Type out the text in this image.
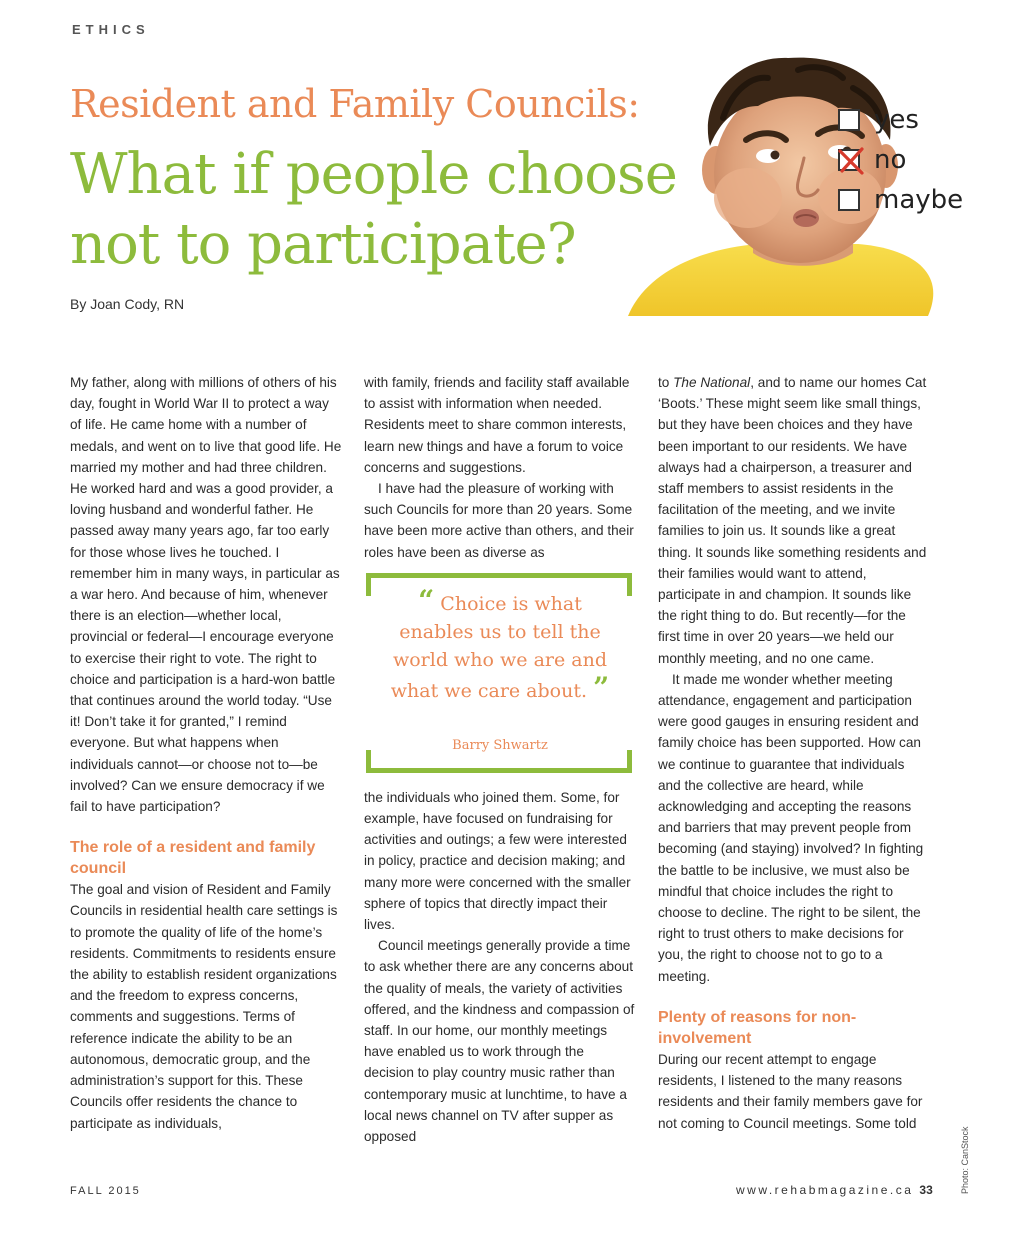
ETHICS
Resident and Family Councils:
What if people choose not to participate?
By Joan Cody, RN
yes
no
maybe

My father, along with millions of others of his day, fought in World War II to protect a way of life. He came home with a number of medals, and went on to live that good life. He married my mother and had three children. He worked hard and was a good provider, a loving husband and wonderful father. He passed away many years ago, far too early for those whose lives he touched. I remember him in many ways, in particular as a war hero. And because of him, whenever there is an election—whether local, provincial or federal—I encourage everyone to exercise their right to vote. The right to choice and participation is a hard-won battle that continues around the world today. “Use it! Don’t take it for granted,” I remind everyone. But what happens when individuals cannot—or choose not to—be involved? Can we ensure democracy if we fail to have participation?

The role of a resident and family council

The goal and vision of Resident and Family Councils in residential health care settings is to promote the quality of life of the home’s residents. Commitments to residents ensure the ability to establish resident organizations and the freedom to express concerns, comments and suggestions. Terms of reference indicate the ability to be an autonomous, democratic group, and the administration’s support for this. These Councils offer residents the chance to participate as individuals,

with family, friends and facility staff available to assist with information when needed. Residents meet to share common interests, learn new things and have a forum to voice concerns and suggestions.

I have had the pleasure of working with such Councils for more than 20 years. Some have been more active than others, and their roles have been as diverse as

“ Choice is what enables us to tell the world who we are and what we care about. ”
Barry Shwartz

the individuals who joined them. Some, for example, have focused on fundraising for activities and outings; a few were interested in policy, practice and decision making; and many more were concerned with the smaller sphere of topics that directly impact their lives.

Council meetings generally provide a time to ask whether there are any concerns about the quality of meals, the variety of activities offered, and the kindness and compassion of staff. In our home, our monthly meetings have enabled us to work through the decision to play country music rather than contemporary music at lunchtime, to have a local news channel on TV after supper as opposed

to The National, and to name our homes Cat ‘Boots.’ These might seem like small things, but they have been choices and they have been important to our residents. We have always had a chairperson, a treasurer and staff members to assist residents in the facilitation of the meeting, and we invite families to join us. It sounds like a great thing. It sounds like something residents and their families would want to attend, participate in and champion. It sounds like the right thing to do. But recently—for the first time in over 20 years—we held our monthly meeting, and no one came.

It made me wonder whether meeting attendance, engagement and participation were good gauges in ensuring resident and family choice has been supported. How can we continue to guarantee that individuals and the collective are heard, while acknowledging and accepting the reasons and barriers that may prevent people from becoming (and staying) involved? In fighting the battle to be inclusive, we must also be mindful that choice includes the right to choose to decline. The right to be silent, the right to trust others to make decisions for you, the right to choose not to go to a meeting.

Plenty of reasons for non-involvement

During our recent attempt to engage residents, I listened to the many reasons residents and their family members gave for not coming to Council meetings. Some told

FALL 2015	www.rehabmagazine.ca 33	Photo: CanStock
